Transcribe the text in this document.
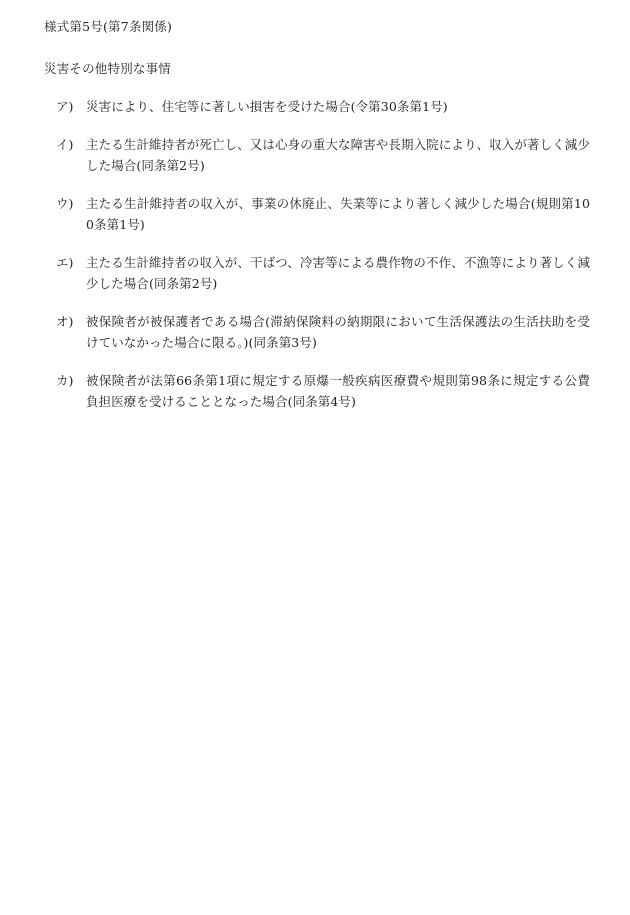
様式第5号(第7条関係)

災害その他特別な事情

ア)	災害により、住宅等に著しい損害を受けた場合(令第30条第1号)
イ)	主たる生計維持者が死亡し、又は心身の重大な障害や長期入院により、収入が著しく減少した場合(同条第2号)
ウ)	主たる生計維持者の収入が、事業の休廃止、失業等により著しく減少した場合(規則第100条第1号)
エ)	主たる生計維持者の収入が、干ばつ、冷害等による農作物の不作、不漁等により著しく減少した場合(同条第2号)
オ)	被保険者が被保護者である場合(滞納保険料の納期限において生活保護法の生活扶助を受けていなかった場合に限る。)(同条第3号)
カ)	被保険者が法第66条第1項に規定する原爆一般疾病医療費や規則第98条に規定する公費負担医療を受けることとなった場合(同条第4号)
